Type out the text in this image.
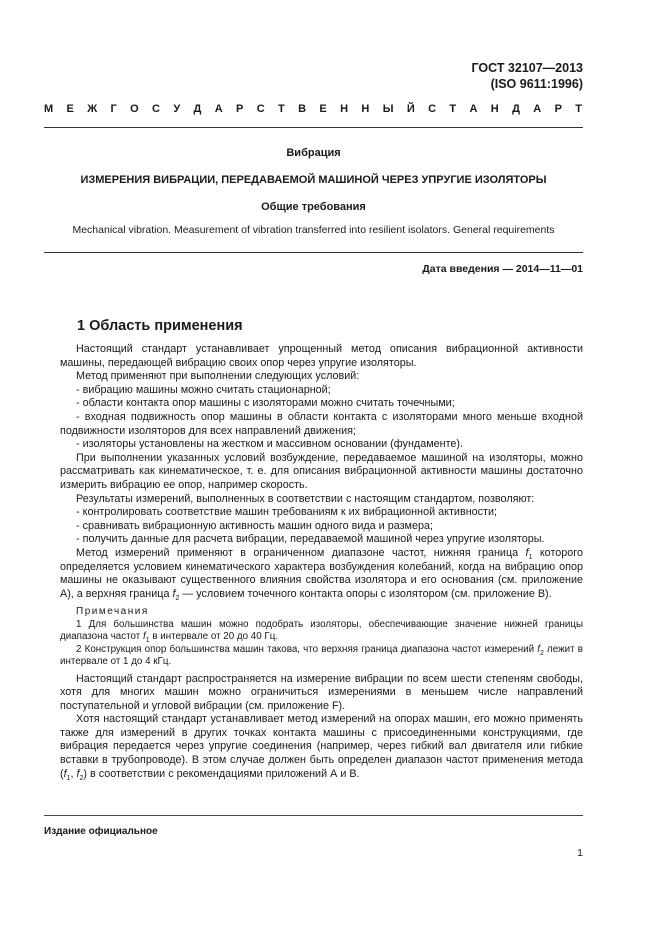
ГОСТ 32107—2013
(ISO 9611:1996)
М Е Ж Г О С У Д А Р С Т В Е Н Н Ы Й С Т А Н Д А Р Т
Вибрация
ИЗМЕРЕНИЯ ВИБРАЦИИ, ПЕРЕДАВАЕМОЙ МАШИНОЙ ЧЕРЕЗ УПРУГИЕ ИЗОЛЯТОРЫ
Общие требования
Mechanical vibration. Measurement of vibration transferred into resilient isolators. General requirements
Дата введения — 2014—11—01
1 Область применения

Настоящий стандарт устанавливает упрощенный метод описания вибрационной активности машины, передающей вибрацию своих опор через упругие изоляторы.

Метод применяют при выполнении следующих условий:

- вибрацию машины можно считать стационарной;

- области контакта опор машины с изоляторами можно считать точечными;

- входная подвижность опор машины в области контакта с изоляторами много меньше входной подвижности изоляторов для всех направлений движения;

- изоляторы установлены на жестком и массивном основании (фундаменте).

При выполнении указанных условий возбуждение, передаваемое машиной на изоляторы, можно рассматривать как кинематическое, т. е. для описания вибрационной активности машины достаточно измерить вибрацию ее опор, например скорость.

Результаты измерений, выполненных в соответствии с настоящим стандартом, позволяют:

- контролировать соответствие машин требованиям к их вибрационной активности;

- сравнивать вибрационную активность машин одного вида и размера;

- получить данные для расчета вибрации, передаваемой машиной через упругие изоляторы.

Метод измерений применяют в ограниченном диапазоне частот, нижняя граница $f_1$ которого определяется условием кинематического характера возбуждения колебаний, когда на вибрацию опор машины не оказывают существенного влияния свойства изолятора и его основания (см. приложение А), а верхняя граница $f_2$ — условием точечного контакта опоры с изолятором (см. приложение В).

Примечания

1 Для большинства машин можно подобрать изоляторы, обеспечивающие значение нижней границы диапазона частот $f_1$ в интервале от 20 до 40 Гц.

2 Конструкция опор большинства машин такова, что верхняя граница диапазона частот измерений $f_2$ лежит в интервале от 1 до 4 кГц.

Настоящий стандарт распространяется на измерение вибрации по всем шести степеням свободы, хотя для многих машин можно ограничиться измерениями в меньшем числе направлений поступательной и угловой вибрации (см. приложение F).

Хотя настоящий стандарт устанавливает метод измерений на опорах машин, его можно применять также для измерений в других точках контакта машины с присоединенными конструкциями, где вибрация передается через упругие соединения (например, через гибкий вал двигателя или гибкие вставки в трубопроводе). В этом случае должен быть определен диапазон частот применения метода ($f_1$, $f_2$) в соответствии с рекомендациями приложений А и В.

Издание официальное
1
